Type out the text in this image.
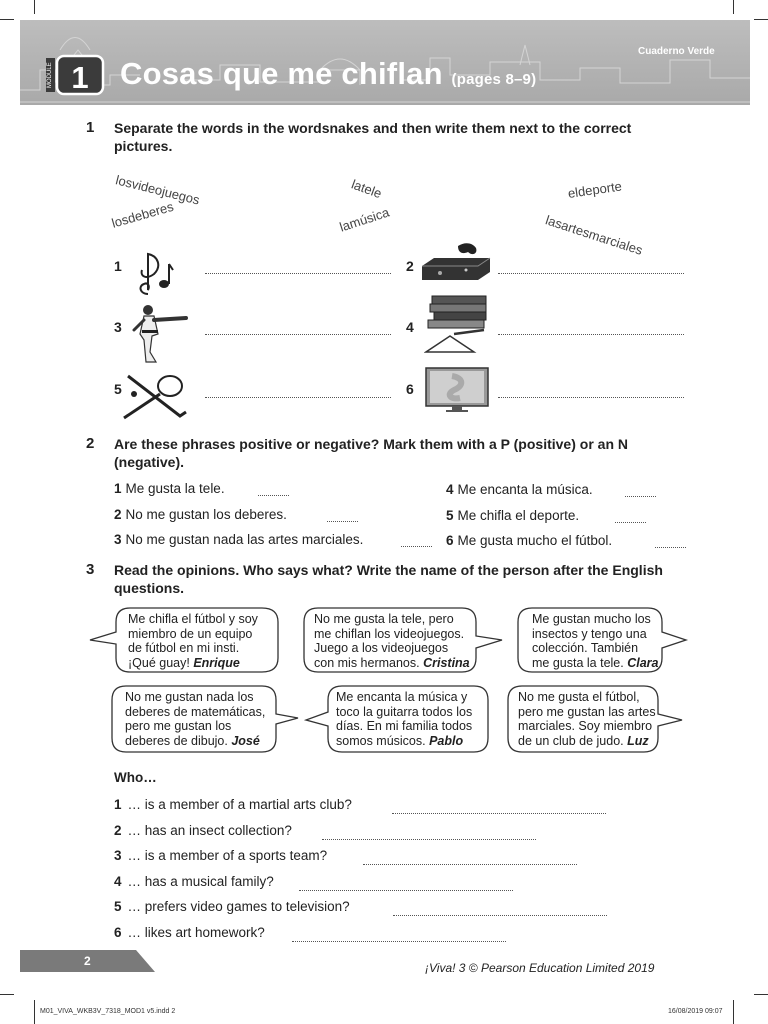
MODULE 1 Cosas que me chiflan (pages 8–9)
Cuaderno Verde
1 Separate the words in the wordsnakes and then write them next to the correct pictures.
losvideojuegos	latele	eldeporte
losdeberes	lamúsica	lasartesmarciales
1	2
3	4
5	6
2 Are these phrases positive or negative? Mark them with a P (positive) or an N (negative).
1 Me gusta la tele.
2 No me gustan los deberes.
3 No me gustan nada las artes marciales.
4 Me encanta la música.
5 Me chifla el deporte.
6 Me gusta mucho el fútbol.
3 Read the opinions. Who says what? Write the name of the person after the English questions.
Me chifla el fútbol y soy
miembro de un equipo
de fútbol en mi insti.
¡Qué guay! Enrique
No me gusta la tele, pero
me chiflan los videojuegos.
Juego a los videojuegos
con mis hermanos. Cristina
Me gustan mucho los
insectos y tengo una
colección. También
me gusta la tele. Clara
No me gustan nada los
deberes de matemáticas,
pero me gustan los
deberes de dibujo. José
Me encanta la música y
toco la guitarra todos los
días. En mi familia todos
somos músicos. Pablo
No me gusta el fútbol,
pero me gustan las artes
marciales. Soy miembro
de un club de judo. Luz
Who…
1 … is a member of a martial arts club?
2 … has an insect collection?
3 … is a member of a sports team?
4 … has a musical family?
5 … prefers video games to television?
6 … likes art homework?
2	¡Viva! 3 © Pearson Education Limited 2019
M01_VIVA_WKB3V_7318_MOD1 v5.indd 2	16/08/2019 09:07
